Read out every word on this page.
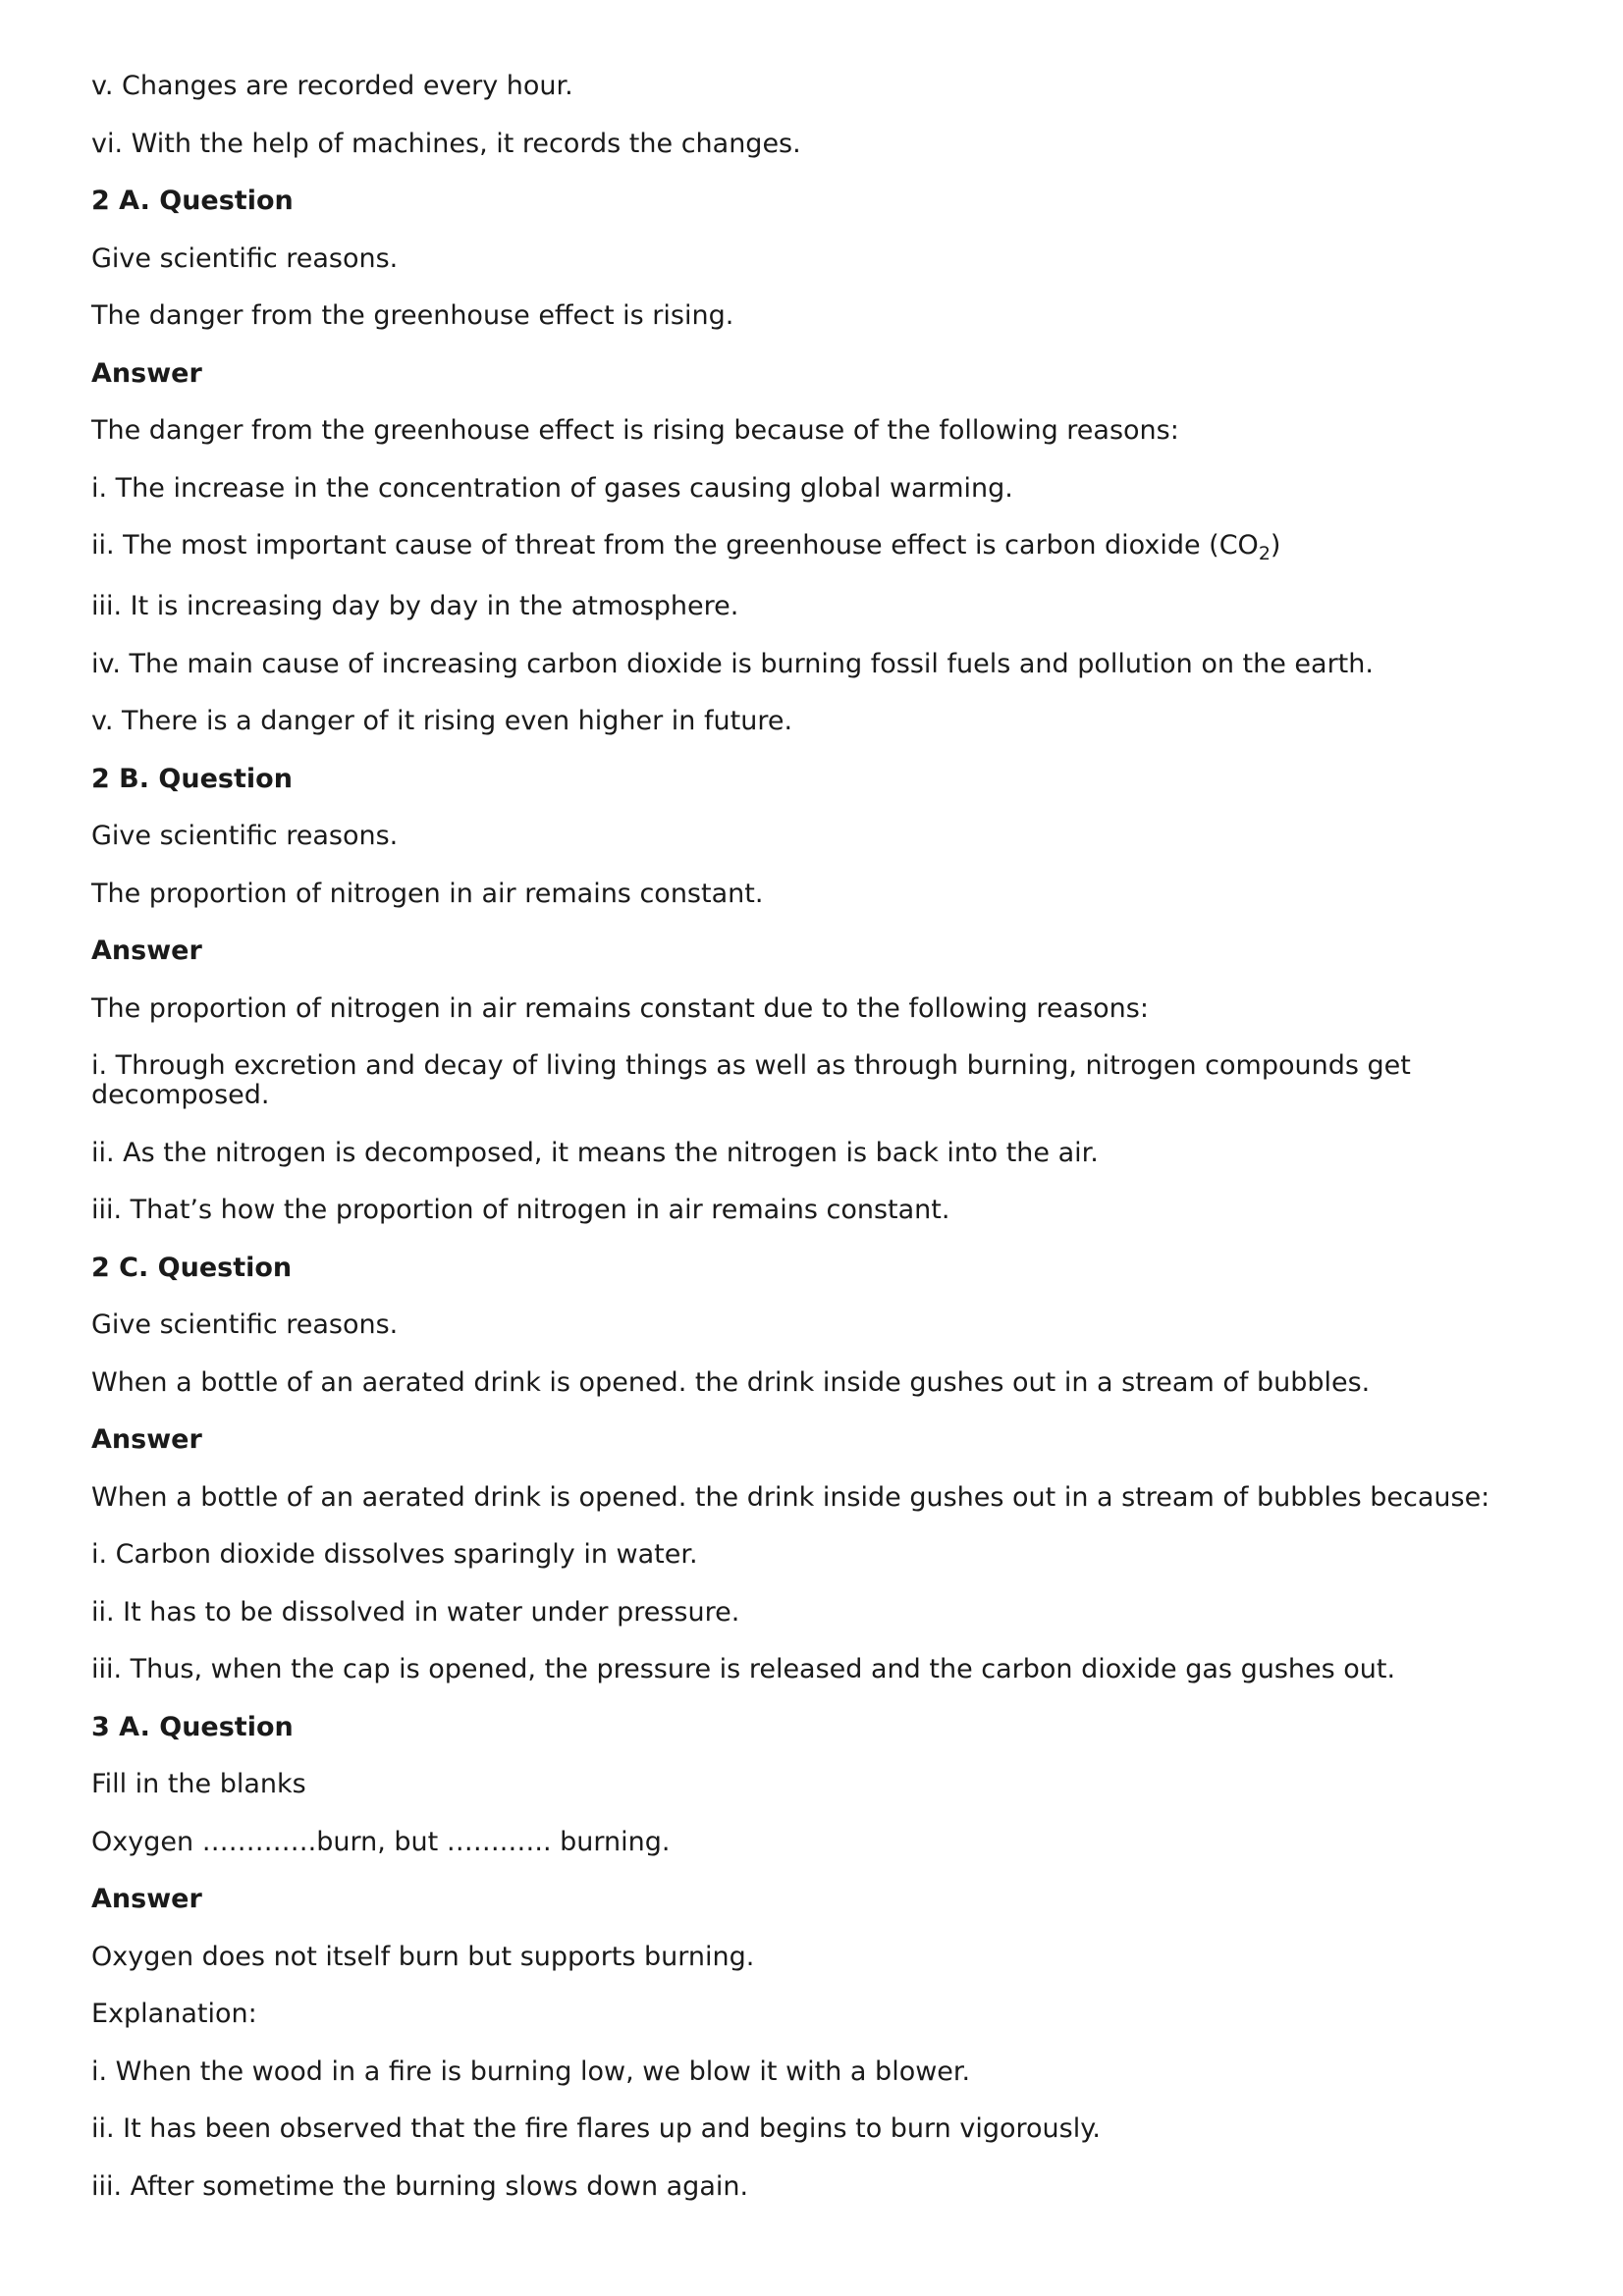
v. Changes are recorded every hour.

vi. With the help of machines, it records the changes.

2 A. Question

Give scientific reasons.

The danger from the greenhouse effect is rising.

Answer

The danger from the greenhouse effect is rising because of the following reasons:

i. The increase in the concentration of gases causing global warming.

ii. The most important cause of threat from the greenhouse effect is carbon dioxide $(CO_2)$

iii. It is increasing day by day in the atmosphere.

iv. The main cause of increasing carbon dioxide is burning fossil fuels and pollution on the earth.

v. There is a danger of it rising even higher in future.

2 B. Question

Give scientific reasons.

The proportion of nitrogen in air remains constant.

Answer

The proportion of nitrogen in air remains constant due to the following reasons:

i. Through excretion and decay of living things as well as through burning, nitrogen compounds get decomposed.

ii. As the nitrogen is decomposed, it means the nitrogen is back into the air.

iii. That’s how the proportion of nitrogen in air remains constant.

2 C. Question

Give scientific reasons.

When a bottle of an aerated drink is opened. the drink inside gushes out in a stream of bubbles.

Answer

When a bottle of an aerated drink is opened. the drink inside gushes out in a stream of bubbles because:

i. Carbon dioxide dissolves sparingly in water.

ii. It has to be dissolved in water under pressure.

iii. Thus, when the cap is opened, the pressure is released and the carbon dioxide gas gushes out.

3 A. Question

Fill in the blanks

Oxygen ………….burn, but …….….. burning.

Answer

Oxygen does not itself burn but supports burning.

Explanation:

i. When the wood in a fire is burning low, we blow it with a blower.

ii. It has been observed that the fire flares up and begins to burn vigorously.

iii. After sometime the burning slows down again.
